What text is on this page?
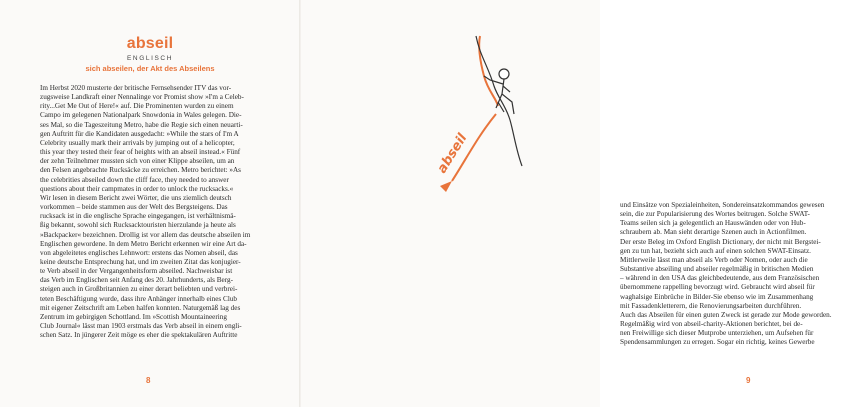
abseil
ENGLISCH
sich abseilen, der Akt des Abseilens
Im Herbst 2020 musterte der britische Fernsehsender ITV das vor-
zugsweise Landkraft einer Nennalinge vor Promist show »I'm a Celeb-
rity...Get Me Out of Here!« auf. Die Prominenten wurden zu einem
Campo im gelegenen Nationalpark Snowdonia in Wales gelegen. Die-
ses Mal, so die Tageszeitung Metro, habe die Regie sich einen neuarti-
gen Auftritt für die Kandidaten ausgedacht: »While the stars of I'm A
Celebrity usually mark their arrivals by jumping out of a helicopter,
this year they tested their fear of heights with an abseil instead.« Fünf
der zehn Teilnehmer mussten sich von einer Klippe abseilen, um an
den Felsen angebrachte Rucksäcke zu erreichen. Metro berichtet: »As
the celebrities abseiled down the cliff face, they needed to answer
questions about their campmates in order to unlock the rucksacks.«
Wir lesen in diesem Bericht zwei Wörter, die uns ziemlich deutsch
vorkommen – beide stammen aus der Welt des Bergsteigens. Das
rucksack ist in die englische Sprache eingegangen, ist verhältnismä-
ßig bekannt, sowohl sich Rucksacktouristen hierzulande ja heute als
»Backpacker« bezeichnen. Drollig ist vor allem das deutsche abseilen im
Englischen gewordene. In dem Metro Bericht erkennen wir eine Art da-
von abgeleitetes englisches Lehnwort: erstens das Nomen abseil, das
keine deutsche Entsprechung hat, und im zweiten Zitat das konjugier-
te Verb abseil in der Vergangenheitsform abseiled. Nachweisbar ist
das Verb im Englischen seit Anfang des 20. Jahrhunderts, als Berg-
steigen auch in Großbritannien zu einer derart beliebten und verbrei-
teten Beschäftigung wurde, dass ihre Anhänger innerhalb eines Club
mit eigener Zeitschrift am Leben halfen konnten. Naturgemäß lag des
Zentrum im gebirgigen Schottland. Im »Scottish Mountaineering
Club Journal« lässt man 1903 erstmals das Verb abseil in einem engli-
schen Satz. In jüngerer Zeit möge es eher die spektakulären Auftritte
8
und Einsätze von Spezialeinheiten, Sondereinsatzkommandos gewesen
sein, die zur Popularisierung des Wortes beitrugen. Solche SWAT-
Teams seilen sich ja gelegentlich an Hauswänden oder von Hub-
schraubern ab. Man sieht derartige Szenen auch in Actionfilmen.
Der erste Beleg im Oxford English Dictionary, der nicht mit Bergstei-
gen zu tun hat, bezieht sich auch auf einen solchen SWAT-Einsatz.
Mittlerweile lässt man abseil als Verb oder Nomen, oder auch die
Substantive abseiling und abseiler regelmäßig in britischen Medien
– während in den USA das gleichbedeutende, aus dem Französischen
übernommene rappelling bevorzugt wird. Gebraucht wird abseil für
waghalsige Einbrüche in Bilder-Sie ebenso wie im Zusammenhang
mit Fassadenkletterern, die Renovierungsarbeiten durchführen.
Auch das Abseilen für einen guten Zweck ist gerade zur Mode geworden.
Regelmäßig wird von abseil-charity-Aktionen berichtet, bei de-
nen Freiwillige sich dieser Mutprobe unterziehen, um Aufsehen für
Spendensammlungen zu erregen. Sogar ein richtig, keines Gewerbe
9
abseil
